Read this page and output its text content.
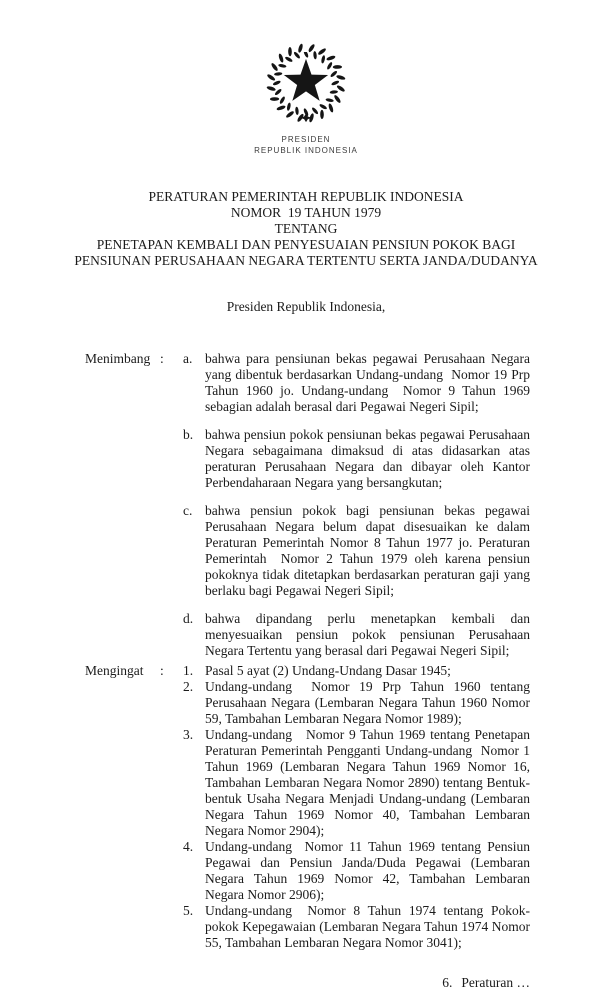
PRESIDEN
REPUBLIK INDONESIA
PERATURAN PEMERINTAH REPUBLIK INDONESIA
NOMOR  19 TAHUN 1979
TENTANG
PENETAPAN KEMBALI DAN PENYESUAIAN PENSIUN POKOK BAGI
PENSIUNAN PERUSAHAAN NEGARA TERTENTU SERTA JANDA/DUDANYA
Presiden Republik Indonesia,
Menimbang :	a. bahwa para pensiunan bekas pegawai Perusahaan Negara yang dibentuk berdasarkan Undang-undang  Nomor 19 Prp Tahun 1960 jo. Undang-undang  Nomor 9 Tahun 1969 sebagian adalah berasal dari Pegawai Negeri Sipil;
b. bahwa pensiun pokok pensiunan bekas pegawai Perusahaan Negara sebagaimana dimaksud di atas didasarkan atas peraturan Perusahaan Negara dan dibayar oleh Kantor Perbendaharaan Negara yang bersangkutan;
c. bahwa pensiun pokok bagi pensiunan bekas pegawai Perusahaan Negara belum dapat disesuaikan ke dalam Peraturan Pemerintah Nomor 8 Tahun 1977 jo. Peraturan Pemerintah  Nomor 2 Tahun 1979 oleh karena pensiun pokoknya tidak ditetapkan berdasarkan peraturan gaji yang berlaku bagi Pegawai Negeri Sipil;
d. bahwa dipandang perlu menetapkan kembali dan menyesuaikan pensiun pokok pensiunan Perusahaan Negara Tertentu yang berasal dari Pegawai Negeri Sipil;
Mengingat	:	1. Pasal 5 ayat (2) Undang-Undang Dasar 1945;
2. Undang-undang  Nomor 19 Prp Tahun 1960 tentang Perusahaan Negara (Lembaran Negara Tahun 1960 Nomor 59, Tambahan Lembaran Negara Nomor 1989);
3. Undang-undang   Nomor 9 Tahun 1969 tentang Penetapan Peraturan Pemerintah Pengganti Undang-undang  Nomor 1 Tahun 1969 (Lembaran Negara Tahun 1969 Nomor 16, Tambahan Lembaran Negara Nomor 2890) tentang Bentuk-bentuk Usaha Negara Menjadi Undang-undang (Lembaran Negara Tahun 1969 Nomor 40, Tambahan Lembaran Negara Nomor 2904);
4. Undang-undang  Nomor 11 Tahun 1969 tentang Pensiun Pegawai dan Pensiun Janda/Duda Pegawai (Lembaran Negara Tahun 1969 Nomor 42, Tambahan Lembaran Negara Nomor 2906);
5. Undang-undang  Nomor 8 Tahun 1974 tentang Pokok-pokok Kepegawaian (Lembaran Negara Tahun 1974 Nomor 55, Tambahan Lembaran Negara Nomor 3041);
6. Peraturan …
